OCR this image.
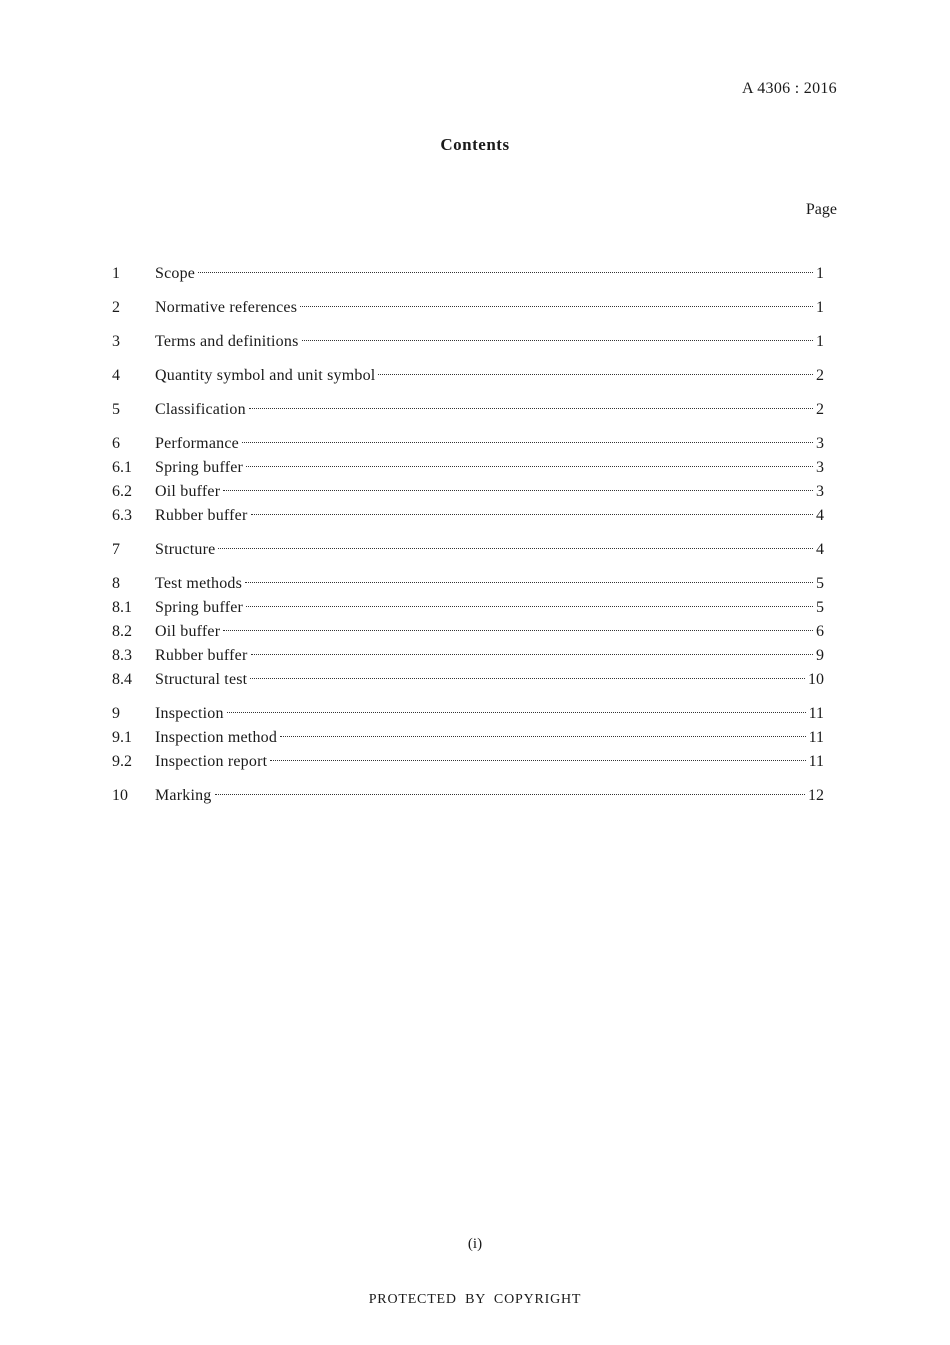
A 4306 : 2016
Contents
Page
1	Scope	1
2	Normative references	1
3	Terms and definitions	1
4	Quantity symbol and unit symbol	2
5	Classification	2
6	Performance	3
6.1	Spring buffer	3
6.2	Oil buffer	3
6.3	Rubber buffer	4
7	Structure	4
8	Test methods	5
8.1	Spring buffer	5
8.2	Oil buffer	6
8.3	Rubber buffer	9
8.4	Structural test	10
9	Inspection	11
9.1	Inspection method	11
9.2	Inspection report	11
10	Marking	12
(i)
PROTECTED BY COPYRIGHT
